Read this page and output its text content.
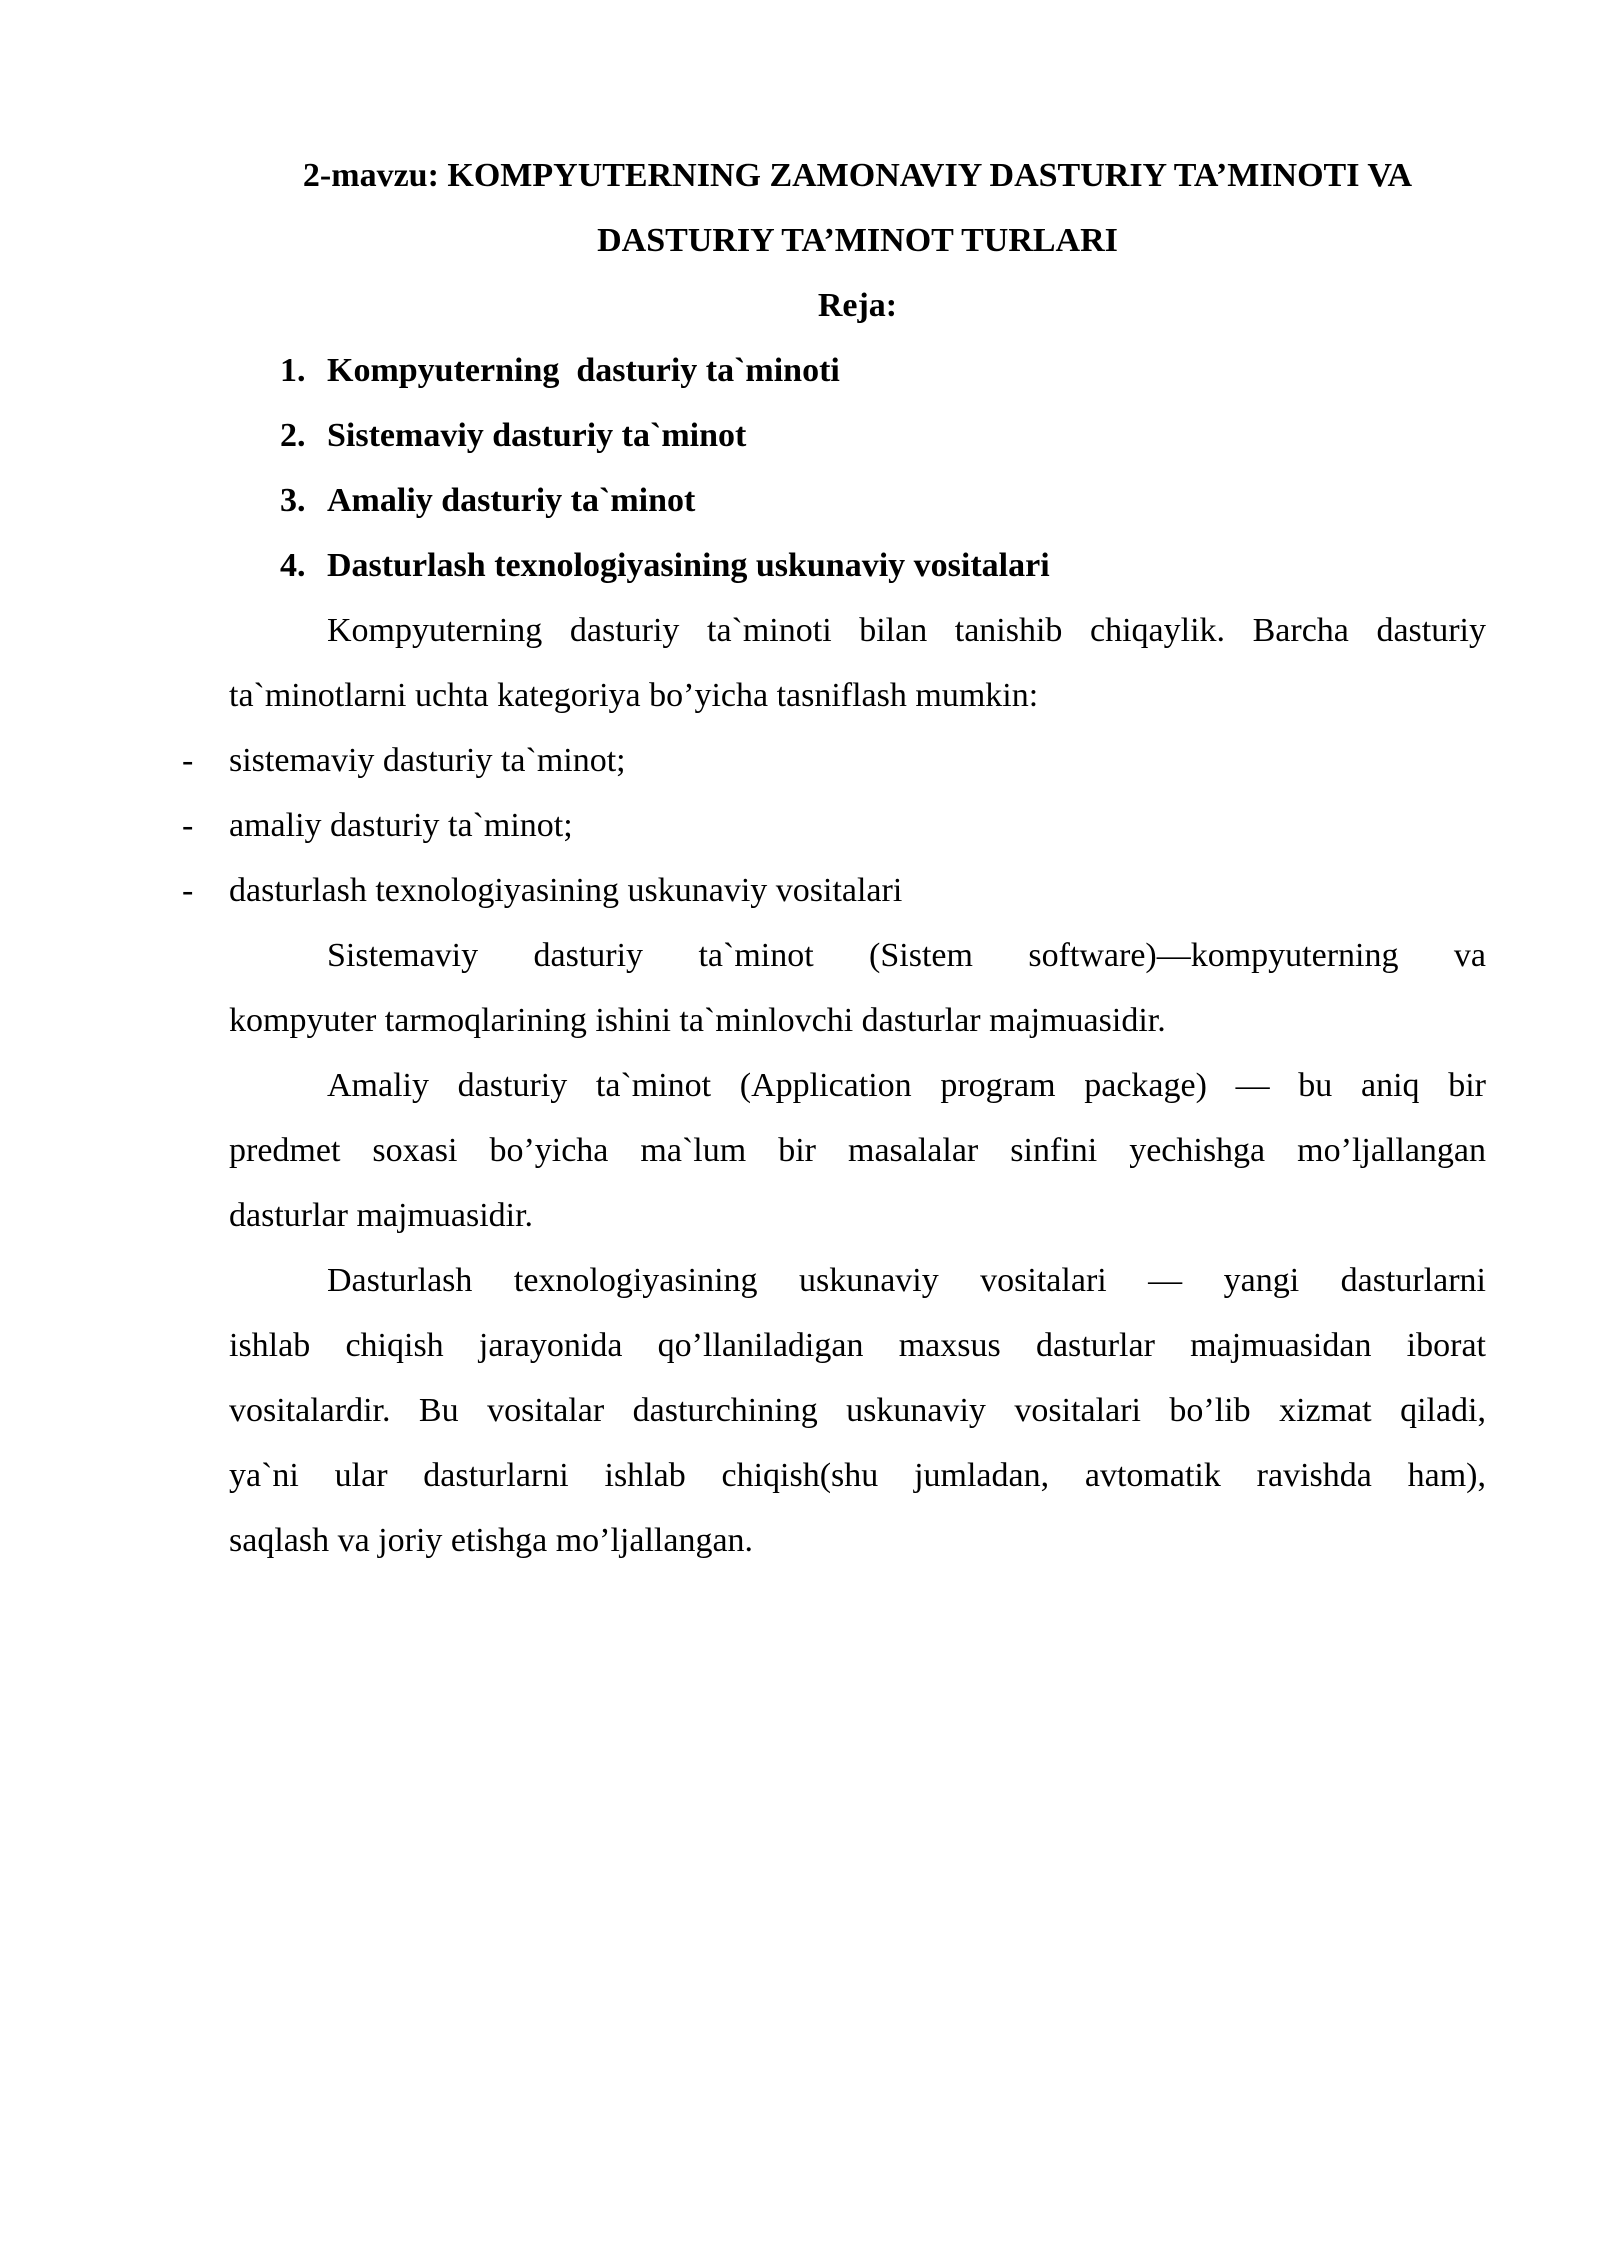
2-mavzu: KOMPYUTERNING ZAMONAVIY DASTURIY TA’MINOTI VA
DASTURIY TA’MINOT TURLARI
Reja:
1. Kompyuterning  dasturiy ta`minoti
2. Sistemaviy dasturiy ta`minot
3. Amaliy dasturiy ta`minot
4. Dasturlash texnologiyasining uskunaviy vositalari
Kompyuterning dasturiy ta`minoti bilan tanishib chiqaylik. Barcha dasturiy
ta`minotlarni uchta kategoriya bo’yicha tasniflash mumkin:
- sistemaviy dasturiy ta`minot;
- amaliy dasturiy ta`minot;
- dasturlash texnologiyasining uskunaviy vositalari
Sistemaviy dasturiy ta`minot (Sistem software)—kompyuterning va
kompyuter tarmoqlarining ishini ta`minlovchi dasturlar majmuasidir.
Amaliy dasturiy ta`minot (Application program package) — bu aniq bir
predmet soxasi bo’yicha ma`lum bir masalalar sinfini yechishga mo’ljallangan
dasturlar majmuasidir.
Dasturlash texnologiyasining uskunaviy vositalari — yangi dasturlarni
ishlab chiqish jarayonida qo’llaniladigan maxsus dasturlar majmuasidan iborat
vositalardir. Bu vositalar dasturchining uskunaviy vositalari bo’lib xizmat qiladi,
ya`ni ular dasturlarni ishlab chiqish(shu jumladan, avtomatik ravishda ham),
saqlash va joriy etishga mo’ljallangan.
